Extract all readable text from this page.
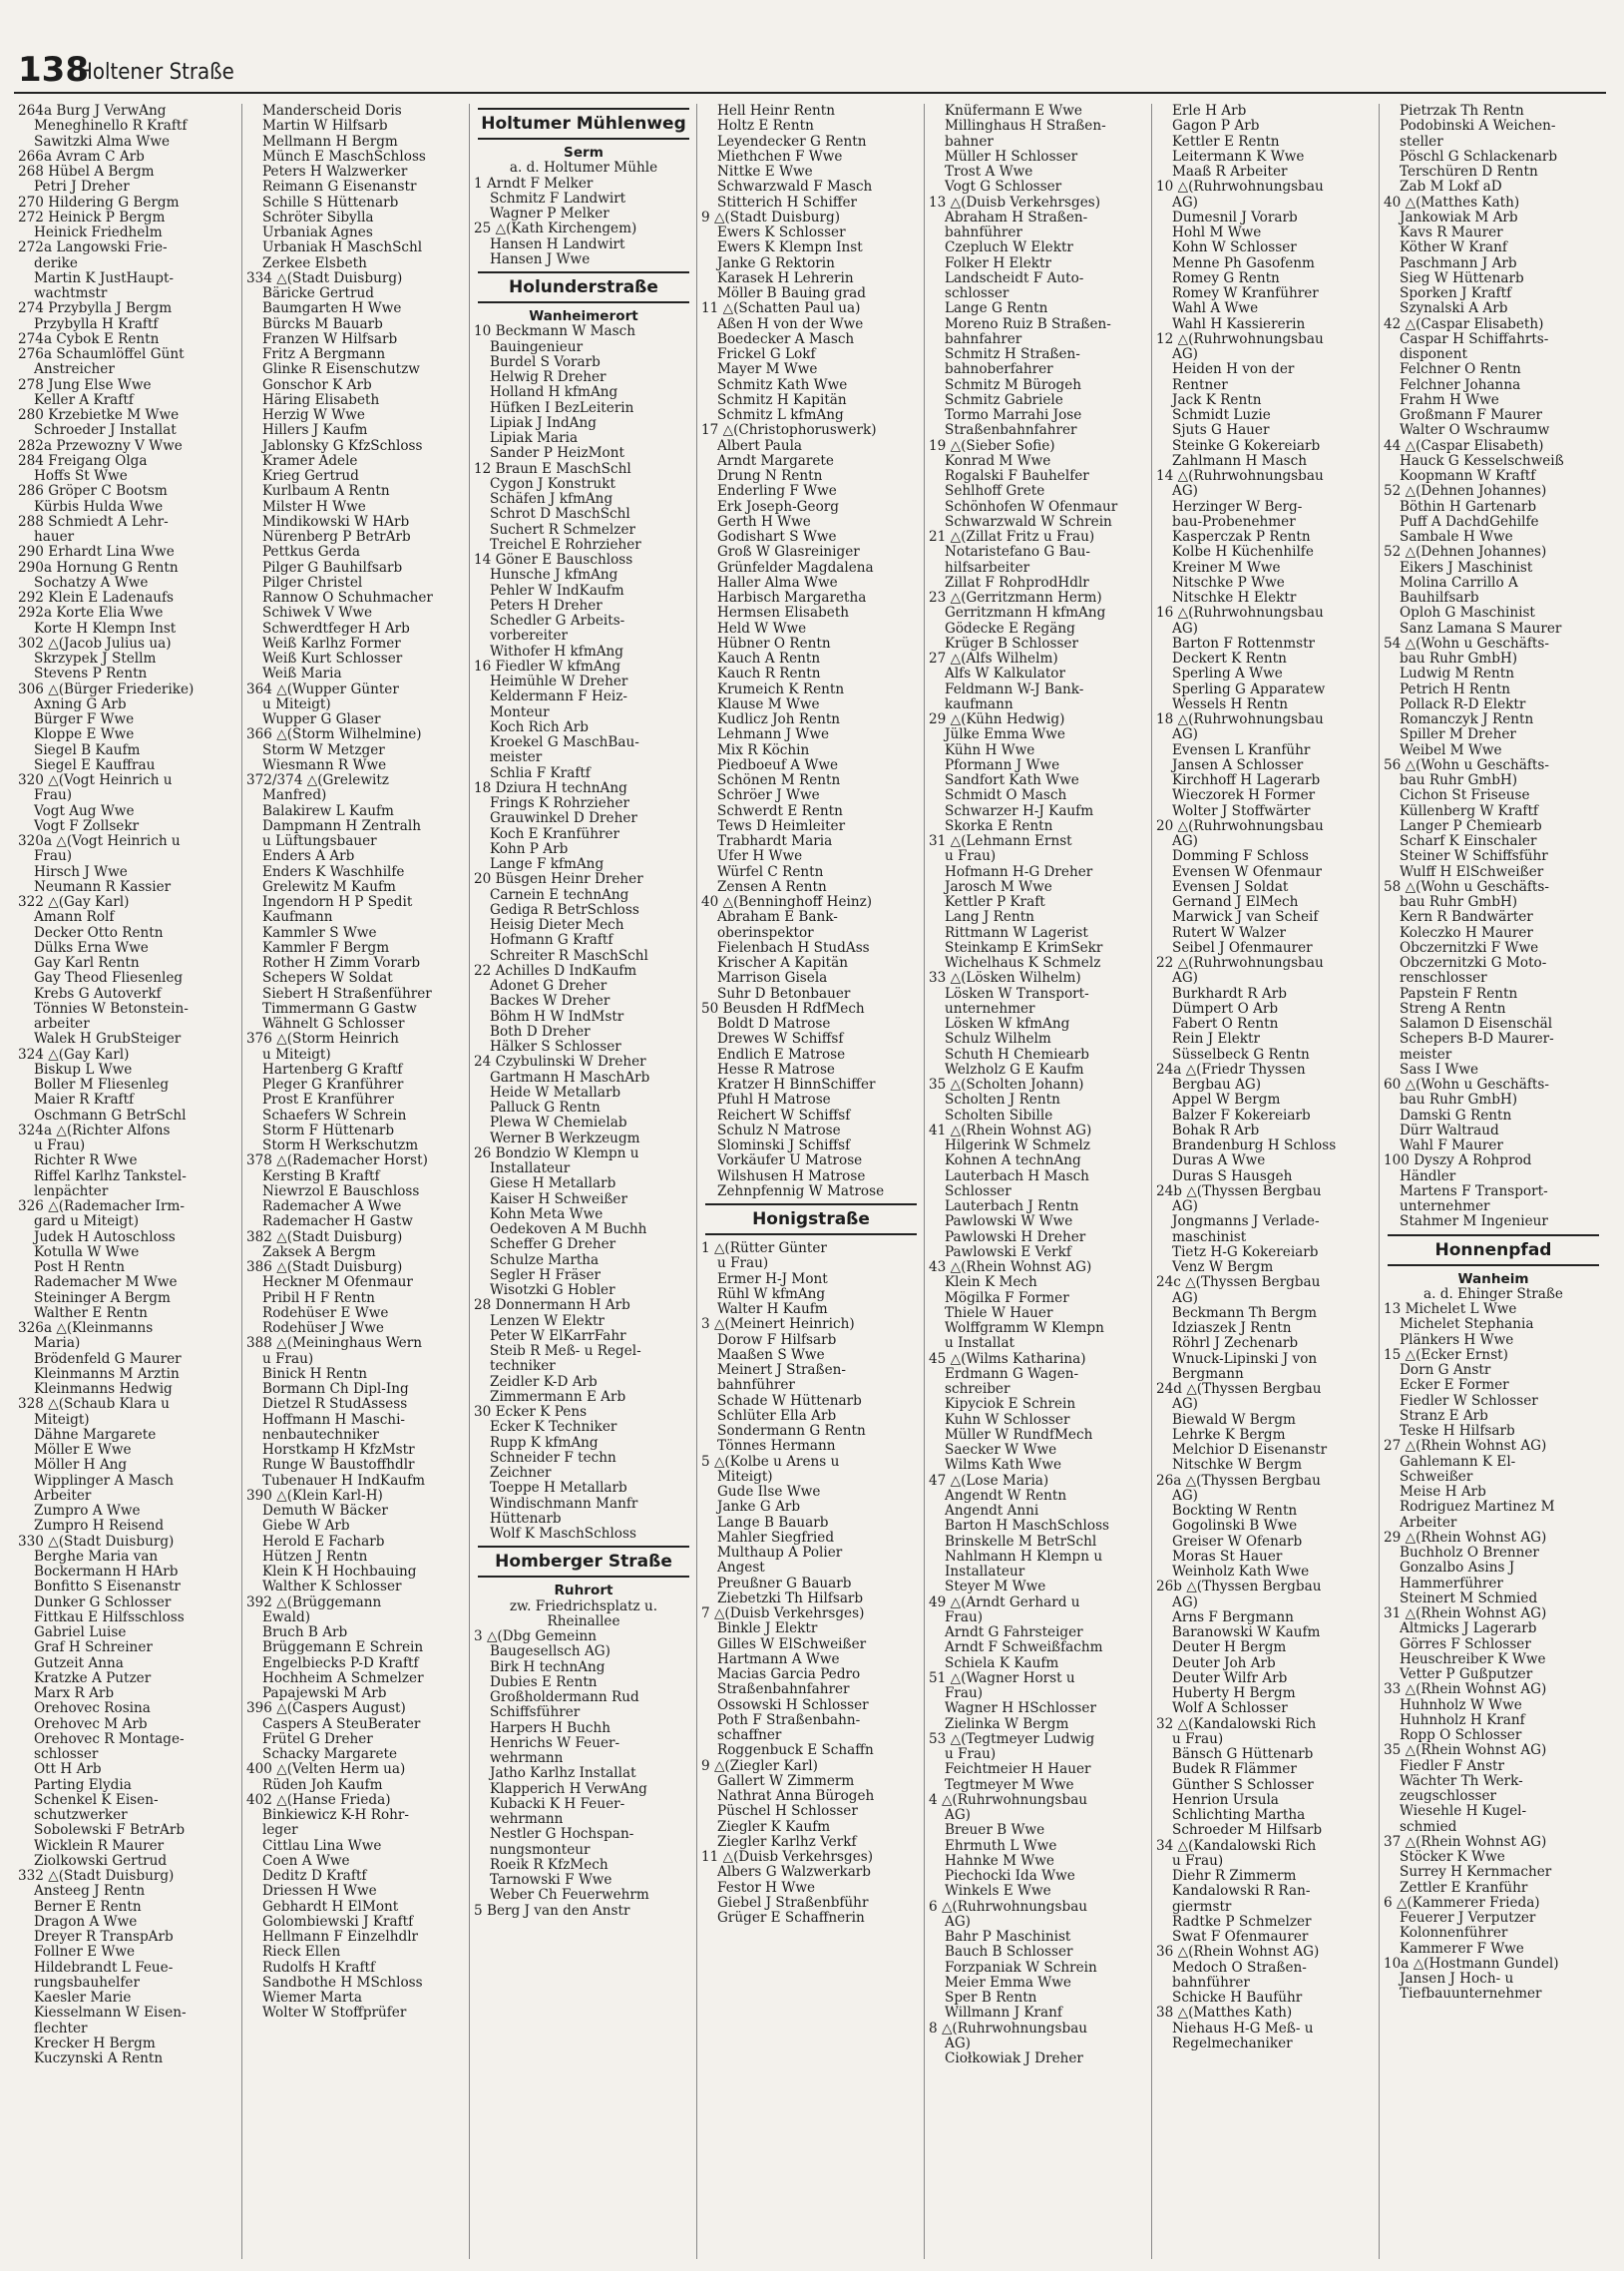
138
Holtener Straße
264a Burg J VerwAng
Meneghinello R Kraftf
Sawitzki Alma Wwe
266a Avram C Arb
268 Hübel A Bergm
Petri J Dreher
270 Hildering G Bergm
272 Heinick P Bergm
Heinick Friedhelm
272a Langowski Frie-
derike
Martin K JustHaupt-
wachtmstr
274 Przybylla J Bergm
Przybylla H Kraftf
274a Cybok E Rentn
276a Schaumlöffel Günt
Anstreicher
278 Jung Else Wwe
Keller A Kraftf
280 Krzebietke M Wwe
Schroeder J Installat
282a Przewozny V Wwe
284 Freigang Olga
Hoffs St Wwe
286 Gröper C Bootsm
Kürbis Hulda Wwe
288 Schmiedt A Lehr-
hauer
290 Erhardt Lina Wwe
290a Hornung G Rentn
Sochatzy A Wwe
292 Klein E Ladenaufs
292a Korte Elia Wwe
Korte H Klempn Inst
302 △(Jacob Julius ua)
Skrzypek J Stellm
Stevens P Rentn
306 △(Bürger Friederike)
Axning G Arb
Bürger F Wwe
Kloppe E Wwe
Siegel B Kaufm
Siegel E Kauffrau
320 △(Vogt Heinrich u
Frau)
Vogt Aug Wwe
Vogt F Zollsekr
320a △(Vogt Heinrich u
Frau)
Hirsch J Wwe
Neumann R Kassier
322 △(Gay Karl)
Amann Rolf
Decker Otto Rentn
Dülks Erna Wwe
Gay Karl Rentn
Gay Theod Fliesenleg
Krebs G Autoverkf
Tönnies W Betonstein-
arbeiter
Walek H GrubSteiger
324 △(Gay Karl)
Biskup L Wwe
Boller M Fliesenleg
Maier R Kraftf
Oschmann G BetrSchl
324a △(Richter Alfons
u Frau)
Richter R Wwe
Riffel Karlhz Tankstel-
lenpächter
326 △(Rademacher Irm-
gard u Miteigt)
Judek H Autoschloss
Kotulla W Wwe
Post H Rentn
Rademacher M Wwe
Steininger A Bergm
Walther E Rentn
326a △(Kleinmanns
Maria)
Brödenfeld G Maurer
Kleinmanns M Arztin
Kleinmanns Hedwig
328 △(Schaub Klara u
Miteigt)
Dähne Margarete
Möller E Wwe
Möller H Ang
Wipplinger A Masch
Arbeiter
Zumpro A Wwe
Zumpro H Reisend
330 △(Stadt Duisburg)
Berghe Maria van
Bockermann H HArb
Bonfitto S Eisenanstr
Dunker G Schlosser
Fittkau E Hilfsschloss
Gabriel Luise
Graf H Schreiner
Gutzeit Anna
Kratzke A Putzer
Marx R Arb
Orehovec Rosina
Orehovec M Arb
Orehovec R Montage-
schlosser
Ott H Arb
Parting Elydia
Schenkel K Eisen-
schutzwerker
Sobolewski F BetrArb
Wicklein R Maurer
Ziolkowski Gertrud
332 △(Stadt Duisburg)
Ansteeg J Rentn
Berner E Rentn
Dragon A Wwe
Dreyer R TranspArb
Follner E Wwe
Hildebrandt L Feue-
rungsbauhelfer
Kaesler Marie
Kiesselmann W Eisen-
flechter
Krecker H Bergm
Kuczynski A Rentn
Manderscheid Doris
Martin W Hilfsarb
Mellmann H Bergm
Münch E MaschSchloss
Peters H Walzwerker
Reimann G Eisenanstr
Schille S Hüttenarb
Schröter Sibylla
Urbaniak Agnes
Urbaniak H MaschSchl
Zerkee Elsbeth
334 △(Stadt Duisburg)
Bäricke Gertrud
Baumgarten H Wwe
Bürcks M Bauarb
Franzen W Hilfsarb
Fritz A Bergmann
Glinke R Eisenschutzw
Gonschor K Arb
Häring Elisabeth
Herzig W Wwe
Hillers J Kaufm
Jablonsky G KfzSchloss
Kramer Adele
Krieg Gertrud
Kurlbaum A Rentn
Milster H Wwe
Mindikowski W HArb
Nürenberg P BetrArb
Pettkus Gerda
Pilger G Bauhilfsarb
Pilger Christel
Rannow O Schuhmacher
Schiwek V Wwe
Schwerdtfeger H Arb
Weiß Karlhz Former
Weiß Kurt Schlosser
Weiß Maria
364 △(Wupper Günter
u Miteigt)
Wupper G Glaser
366 △(Storm Wilhelmine)
Storm W Metzger
Wiesmann R Wwe
372/374 △(Grelewitz
Manfred)
Balakirew L Kaufm
Dampmann H Zentralh
u Lüftungsbauer
Enders A Arb
Enders K Waschhilfe
Grelewitz M Kaufm
Ingendorn H P Spedit
Kaufmann
Kammler S Wwe
Kammler F Bergm
Rother H Zimm Vorarb
Schepers W Soldat
Siebert H Straßenführer
Timmermann G Gastw
Wähnelt G Schlosser
376 △(Storm Heinrich
u Miteigt)
Hartenberg G Kraftf
Pleger G Kranführer
Prost E Kranführer
Schaefers W Schrein
Storm F Hüttenarb
Storm H Werkschutzm
378 △(Rademacher Horst)
Kersting B Kraftf
Niewrzol E Bauschloss
Rademacher A Wwe
Rademacher H Gastw
382 △(Stadt Duisburg)
Zaksek A Bergm
386 △(Stadt Duisburg)
Heckner M Ofenmaur
Pribil H F Rentn
Rodehüser E Wwe
Rodehüser J Wwe
388 △(Meininghaus Wern
u Frau)
Binick H Rentn
Bormann Ch Dipl-Ing
Dietzel R StudAssess
Hoffmann H Maschi-
nenbautechniker
Horstkamp H KfzMstr
Runge W Baustoffhdlr
Tubenauer H IndKaufm
390 △(Klein Karl-H)
Demuth W Bäcker
Giebe W Arb
Herold E Facharb
Hützen J Rentn
Klein K H Hochbauing
Walther K Schlosser
392 △(Brüggemann
Ewald)
Bruch B Arb
Brüggemann E Schrein
Engelbiecks P-D Kraftf
Hochheim A Schmelzer
Papajewski M Arb
396 △(Caspers August)
Caspers A SteuBerater
Frütel G Dreher
Schacky Margarete
400 △(Velten Herm ua)
Rüden Joh Kaufm
402 △(Hanse Frieda)
Binkiewicz K-H Rohr-
leger
Cittlau Lina Wwe
Coen A Wwe
Deditz D Kraftf
Driessen H Wwe
Gebhardt H ElMont
Golombiewski J Kraftf
Hellmann F Einzelhdlr
Rieck Ellen
Rudolfs H Kraftf
Sandbothe H MSchloss
Wiemer Marta
Wolter W Stoffprüfer
Holtumer Mühlenweg
Serm
a. d. Holtumer Mühle
1 Arndt F Melker
Schmitz F Landwirt
Wagner P Melker
25 △(Kath Kirchengem)
Hansen H Landwirt
Hansen J Wwe
Holunderstraße
Wanheimerort
10 Beckmann W Masch
Bauingenieur
Burdel S Vorarb
Helwig R Dreher
Holland H kfmAng
Hüfken I BezLeiterin
Lipiak J IndAng
Lipiak Maria
Sander P HeizMont
12 Braun E MaschSchl
Cygon J Konstrukt
Schäfen J kfmAng
Schrot D MaschSchl
Suchert R Schmelzer
Treichel E Rohrzieher
14 Göner E Bauschloss
Hunsche J kfmAng
Pehler W IndKaufm
Peters H Dreher
Schedler G Arbeits-
vorbereiter
Withofer H kfmAng
16 Fiedler W kfmAng
Heimühle W Dreher
Keldermann F Heiz-
Monteur
Koch Rich Arb
Kroekel G MaschBau-
meister
Schlia F Kraftf
18 Dziura H technAng
Frings K Rohrzieher
Grauwinkel D Dreher
Koch E Kranführer
Kohn P Arb
Lange F kfmAng
20 Büsgen Heinr Dreher
Carnein E technAng
Gediga R BetrSchloss
Heisig Dieter Mech
Hofmann G Kraftf
Schreiter R MaschSchl
22 Achilles D IndKaufm
Adonet G Dreher
Backes W Dreher
Böhm H W IndMstr
Both D Dreher
Hälker S Schlosser
24 Czybulinski W Dreher
Gartmann H MaschArb
Heide W Metallarb
Palluck G Rentn
Plewa W Chemielab
Werner B Werkzeugm
26 Bondzio W Klempn u
Installateur
Giese H Metallarb
Kaiser H Schweißer
Kohn Meta Wwe
Oedekoven A M Buchh
Scheffer G Dreher
Schulze Martha
Segler H Fräser
Wisotzki G Hobler
28 Donnermann H Arb
Lenzen W Elektr
Peter W ElKarrFahr
Steib R Meß- u Regel-
techniker
Zeidler K-D Arb
Zimmermann E Arb
30 Ecker K Pens
Ecker K Techniker
Rupp K kfmAng
Schneider F techn
Zeichner
Toeppe H Metallarb
Windischmann Manfr
Hüttenarb
Wolf K MaschSchloss
Homberger Straße
Ruhrort
zw. Friedrichsplatz u.
Rheinallee
3 △(Dbg Gemeinn
Baugesellsch AG)
Birk H technAng
Dubies E Rentn
Großholdermann Rud
Schiffsführer
Harpers H Buchh
Henrichs W Feuer-
wehrmann
Jatho Karlhz Installat
Klapperich H VerwAng
Kubacki K H Feuer-
wehrmann
Nestler G Hochspan-
nungsmonteur
Roeik R KfzMech
Tarnowski F Wwe
Weber Ch Feuerwehrm
5 Berg J van den Anstr
Hell Heinr Rentn
Holtz E Rentn
Leyendecker G Rentn
Miethchen F Wwe
Nittke E Wwe
Schwarzwald F Masch
Stitterich H Schiffer
9 △(Stadt Duisburg)
Ewers K Schlosser
Ewers K Klempn Inst
Janke G Rektorin
Karasek H Lehrerin
Möller B Bauing grad
11 △(Schatten Paul ua)
Aßen H von der Wwe
Boedecker A Masch
Frickel G Lokf
Mayer M Wwe
Schmitz Kath Wwe
Schmitz H Kapitän
Schmitz L kfmAng
17 △(Christophoruswerk)
Albert Paula
Arndt Margarete
Drung N Rentn
Enderling F Wwe
Erk Joseph-Georg
Gerth H Wwe
Godishart S Wwe
Groß W Glasreiniger
Grünfelder Magdalena
Haller Alma Wwe
Harbisch Margaretha
Hermsen Elisabeth
Held W Wwe
Hübner O Rentn
Kauch A Rentn
Kauch R Rentn
Krumeich K Rentn
Klause M Wwe
Kudlicz Joh Rentn
Lehmann J Wwe
Mix R Köchin
Piedboeuf A Wwe
Schönen M Rentn
Schröer J Wwe
Schwerdt E Rentn
Tews D Heimleiter
Trabhardt Maria
Ufer H Wwe
Würfel C Rentn
Zensen A Rentn
40 △(Benninghoff Heinz)
Abraham E Bank-
oberinspektor
Fielenbach H StudAss
Krischer A Kapitän
Marrison Gisela
Suhr D Betonbauer
50 Beusden H RdfMech
Boldt D Matrose
Drewes W Schiffsf
Endlich E Matrose
Hesse R Matrose
Kratzer H BinnSchiffer
Pfuhl H Matrose
Reichert W Schiffsf
Schulz N Matrose
Slominski J Schiffsf
Vorkäufer U Matrose
Wilshusen H Matrose
Zehnpfennig W Matrose
Honigstraße
1 △(Rütter Günter
u Frau)
Ermer H-J Mont
Rühl W kfmAng
Walter H Kaufm
3 △(Meinert Heinrich)
Dorow F Hilfsarb
Maaßen S Wwe
Meinert J Straßen-
bahnführer
Schade W Hüttenarb
Schlüter Ella Arb
Sondermann G Rentn
Tönnes Hermann
5 △(Kolbe u Arens u
Miteigt)
Gude Ilse Wwe
Janke G Arb
Lange B Bauarb
Mahler Siegfried
Multhaup A Polier
Angest
Preußner G Bauarb
Ziebetzki Th Hilfsarb
7 △(Duisb Verkehrsges)
Binkle J Elektr
Gilles W ElSchweißer
Hartmann A Wwe
Macias Garcia Pedro
Straßenbahnfahrer
Ossowski H Schlosser
Poth F Straßenbahn-
schaffner
Roggenbuck E Schaffn
9 △(Ziegler Karl)
Gallert W Zimmerm
Nathrat Anna Bürogeh
Püschel H Schlosser
Ziegler K Kaufm
Ziegler Karlhz Verkf
11 △(Duisb Verkehrsges)
Albers G Walzwerkarb
Festor H Wwe
Giebel J Straßenbführ
Grüger E Schaffnerin
Knüfermann E Wwe
Millinghaus H Straßen-
bahner
Müller H Schlosser
Trost A Wwe
Vogt G Schlosser
13 △(Duisb Verkehrsges)
Abraham H Straßen-
bahnführer
Czepluch W Elektr
Folker H Elektr
Landscheidt F Auto-
schlosser
Lange G Rentn
Moreno Ruiz B Straßen-
bahnfahrer
Schmitz H Straßen-
bahnoberfahrer
Schmitz M Bürogeh
Schmitz Gabriele
Tormo Marrahi Jose
Straßenbahnfahrer
19 △(Sieber Sofie)
Konrad M Wwe
Rogalski F Bauhelfer
Sehlhoff Grete
Schönhofen W Ofenmaur
Schwarzwald W Schrein
21 △(Zillat Fritz u Frau)
Notaristefano G Bau-
hilfsarbeiter
Zillat F RohprodHdlr
23 △(Gerritzmann Herm)
Gerritzmann H kfmAng
Gödecke E Regäng
Krüger B Schlosser
27 △(Alfs Wilhelm)
Alfs W Kalkulator
Feldmann W-J Bank-
kaufmann
29 △(Kühn Hedwig)
Jülke Emma Wwe
Kühn H Wwe
Pformann J Wwe
Sandfort Kath Wwe
Schmidt O Masch
Schwarzer H-J Kaufm
Skorka E Rentn
31 △(Lehmann Ernst
u Frau)
Hofmann H-G Dreher
Jarosch M Wwe
Kettler P Kraft
Lang J Rentn
Rittmann W Lagerist
Steinkamp E KrimSekr
Wichelhaus K Schmelz
33 △(Lösken Wilhelm)
Lösken W Transport-
unternehmer
Lösken W kfmAng
Schulz Wilhelm
Schuth H Chemiearb
Welzholz G E Kaufm
35 △(Scholten Johann)
Scholten J Rentn
Scholten Sibille
41 △(Rhein Wohnst AG)
Hilgerink W Schmelz
Kohnen A technAng
Lauterbach H Masch
Schlosser
Lauterbach J Rentn
Pawlowski W Wwe
Pawlowski H Dreher
Pawlowski E Verkf
43 △(Rhein Wohnst AG)
Klein K Mech
Mögilka F Former
Thiele W Hauer
Wolffgramm W Klempn
u Installat
45 △(Wilms Katharina)
Erdmann G Wagen-
schreiber
Kipyciok E Schrein
Kuhn W Schlosser
Müller W RundfMech
Saecker W Wwe
Wilms Kath Wwe
47 △(Lose Maria)
Angendt W Rentn
Angendt Anni
Barton H MaschSchloss
Brinskelle M BetrSchl
Nahlmann H Klempn u
Installateur
Steyer M Wwe
49 △(Arndt Gerhard u
Frau)
Arndt G Fahrsteiger
Arndt F Schweißfachm
Schiela K Kaufm
51 △(Wagner Horst u
Frau)
Wagner H HSchlosser
Zielinka W Bergm
53 △(Tegtmeyer Ludwig
u Frau)
Feichtmeier H Hauer
Tegtmeyer M Wwe
4 △(Ruhrwohnungsbau
AG)
Breuer B Wwe
Ehrmuth L Wwe
Hahnke M Wwe
Piechocki Ida Wwe
Winkels E Wwe
6 △(Ruhrwohnungsbau
AG)
Bahr P Maschinist
Bauch B Schlosser
Forzpaniak W Schrein
Meier Emma Wwe
Sper B Rentn
Willmann J Kranf
8 △(Ruhrwohnungsbau
AG)
Ciołkowiak J Dreher
Erle H Arb
Gagon P Arb
Kettler E Rentn
Leitermann K Wwe
Maaß R Arbeiter
10 △(Ruhrwohnungsbau
AG)
Dumesnil J Vorarb
Hohl M Wwe
Kohn W Schlosser
Menne Ph Gasofenm
Romey G Rentn
Romey W Kranführer
Wahl A Wwe
Wahl H Kassiererin
12 △(Ruhrwohnungsbau
AG)
Heiden H von der
Rentner
Jack K Rentn
Schmidt Luzie
Sjuts G Hauer
Steinke G Kokereiarb
Zahlmann H Masch
14 △(Ruhrwohnungsbau
AG)
Herzinger W Berg-
bau-Probenehmer
Kasperczak P Rentn
Kolbe H Küchenhilfe
Kreiner M Wwe
Nitschke P Wwe
Nitschke H Elektr
16 △(Ruhrwohnungsbau
AG)
Barton F Rottenmstr
Deckert K Rentn
Sperling A Wwe
Sperling G Apparatew
Wessels H Rentn
18 △(Ruhrwohnungsbau
AG)
Evensen L Kranführ
Jansen A Schlosser
Kirchhoff H Lagerarb
Wieczorek H Former
Wolter J Stoffwärter
20 △(Ruhrwohnungsbau
AG)
Domming F Schloss
Evensen W Ofenmaur
Evensen J Soldat
Gernand J ElMech
Marwick J van Scheif
Rutert W Walzer
Seibel J Ofenmaurer
22 △(Ruhrwohnungsbau
AG)
Burkhardt R Arb
Dümpert O Arb
Fabert O Rentn
Rein J Elektr
Süsselbeck G Rentn
24a △(Friedr Thyssen
Bergbau AG)
Appel W Bergm
Balzer F Kokereiarb
Bohak R Arb
Brandenburg H Schloss
Duras A Wwe
Duras S Hausgeh
24b △(Thyssen Bergbau
AG)
Jongmanns J Verlade-
maschinist
Tietz H-G Kokereiarb
Venz W Bergm
24c △(Thyssen Bergbau
AG)
Beckmann Th Bergm
Idziaszek J Rentn
Röhrl J Zechenarb
Wnuck-Lipinski J von
Bergmann
24d △(Thyssen Bergbau
AG)
Biewald W Bergm
Lehrke K Bergm
Melchior D Eisenanstr
Nitschke W Bergm
26a △(Thyssen Bergbau
AG)
Bockting W Rentn
Gogolinski B Wwe
Greiser W Ofenarb
Moras St Hauer
Weinholz Kath Wwe
26b △(Thyssen Bergbau
AG)
Arns F Bergmann
Baranowski W Kaufm
Deuter H Bergm
Deuter Joh Arb
Deuter Wilfr Arb
Huberty H Bergm
Wolf A Schlosser
32 △(Kandalowski Rich
u Frau)
Bänsch G Hüttenarb
Budek R Flämmer
Günther S Schlosser
Henrion Ursula
Schlichting Martha
Schroeder M Hilfsarb
34 △(Kandalowski Rich
u Frau)
Diehr R Zimmerm
Kandalowski R Ran-
giermstr
Radtke P Schmelzer
Swat F Ofenmaurer
36 △(Rhein Wohnst AG)
Medoch O Straßen-
bahnführer
Schicke H Bauführ
38 △(Matthes Kath)
Niehaus H-G Meß- u
Regelmechaniker
Pietrzak Th Rentn
Podobinski A Weichen-
steller
Pöschl G Schlackenarb
Terschüren D Rentn
Zab M Lokf aD
40 △(Matthes Kath)
Jankowiak M Arb
Kavs R Maurer
Köther W Kranf
Paschmann J Arb
Sieg W Hüttenarb
Sporken J Kraftf
Szynalski A Arb
42 △(Caspar Elisabeth)
Caspar H Schiffahrts-
disponent
Felchner O Rentn
Felchner Johanna
Frahm H Wwe
Großmann F Maurer
Walter O Wschraumw
44 △(Caspar Elisabeth)
Hauck G Kesselschweiß
Koopmann W Kraftf
52 △(Dehnen Johannes)
Böthin H Gartenarb
Puff A DachdGehilfe
Sambale H Wwe
52 △(Dehnen Johannes)
Eikers J Maschinist
Molina Carrillo A
Bauhilfsarb
Oploh G Maschinist
Sanz Lamana S Maurer
54 △(Wohn u Geschäfts-
bau Ruhr GmbH)
Ludwig M Rentn
Petrich H Rentn
Pollack R-D Elektr
Romanczyk J Rentn
Spiller M Dreher
Weibel M Wwe
56 △(Wohn u Geschäfts-
bau Ruhr GmbH)
Cichon St Friseuse
Küllenberg W Kraftf
Langer P Chemiearb
Scharf K Einschaler
Steiner W Schiffsführ
Wulff H ElSchweißer
58 △(Wohn u Geschäfts-
bau Ruhr GmbH)
Kern R Bandwärter
Koleczko H Maurer
Obczernitzki F Wwe
Obczernitzki G Moto-
renschlosser
Papstein F Rentn
Streng A Rentn
Salamon D Eisenschäl
Schepers B-D Maurer-
meister
Sass I Wwe
60 △(Wohn u Geschäfts-
bau Ruhr GmbH)
Damski G Rentn
Dürr Waltraud
Wahl F Maurer
100 Dyszy A Rohprod
Händler
Martens F Transport-
unternehmer
Stahmer M Ingenieur
Honnenpfad
Wanheim
a. d. Ehinger Straße
13 Michelet L Wwe
Michelet Stephania
Plänkers H Wwe
15 △(Ecker Ernst)
Dorn G Anstr
Ecker E Former
Fiedler W Schlosser
Stranz E Arb
Teske H Hilfsarb
27 △(Rhein Wohnst AG)
Gahlemann K El-
Schweißer
Meise H Arb
Rodriguez Martinez M
Arbeiter
29 △(Rhein Wohnst AG)
Buchholz O Brenner
Gonzalbo Asins J
Hammerführer
Steinert M Schmied
31 △(Rhein Wohnst AG)
Altmicks J Lagerarb
Görres F Schlosser
Heuschreiber K Wwe
Vetter P Gußputzer
33 △(Rhein Wohnst AG)
Huhnholz W Wwe
Huhnholz H Kranf
Ropp O Schlosser
35 △(Rhein Wohnst AG)
Fiedler F Anstr
Wächter Th Werk-
zeugschlosser
Wiesehle H Kugel-
schmied
37 △(Rhein Wohnst AG)
Stöcker K Wwe
Surrey H Kernmacher
Zettler E Kranführ
6 △(Kammerer Frieda)
Feuerer J Verputzer
Kolonnenführer
Kammerer F Wwe
10a △(Hostmann Gundel)
Jansen J Hoch- u
Tiefbauunternehmer
